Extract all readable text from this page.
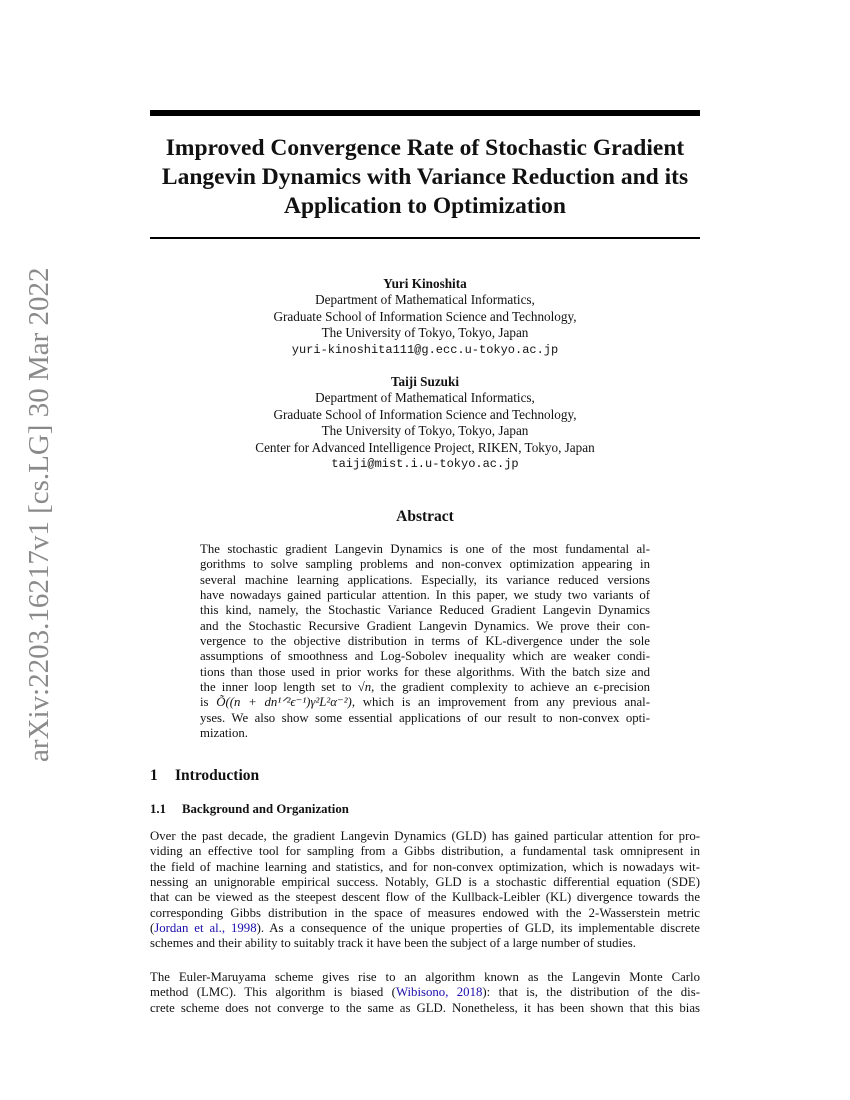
arXiv:2203.16217v1 [cs.LG] 30 Mar 2022
Improved Convergence Rate of Stochastic Gradient
Langevin Dynamics with Variance Reduction and its
Application to Optimization
Yuri Kinoshita
Department of Mathematical Informatics,
Graduate School of Information Science and Technology,
The University of Tokyo, Tokyo, Japan
yuri-kinoshita111@g.ecc.u-tokyo.ac.jp
Taiji Suzuki
Department of Mathematical Informatics,
Graduate School of Information Science and Technology,
The University of Tokyo, Tokyo, Japan
Center for Advanced Intelligence Project, RIKEN, Tokyo, Japan
taiji@mist.i.u-tokyo.ac.jp
Abstract
The stochastic gradient Langevin Dynamics is one of the most fundamental al-
gorithms to solve sampling problems and non-convex optimization appearing in
several machine learning applications. Especially, its variance reduced versions
have nowadays gained particular attention. In this paper, we study two variants of
this kind, namely, the Stochastic Variance Reduced Gradient Langevin Dynamics
and the Stochastic Recursive Gradient Langevin Dynamics. We prove their con-
vergence to the objective distribution in terms of KL-divergence under the sole
assumptions of smoothness and Log-Sobolev inequality which are weaker condi-
tions than those used in prior works for these algorithms. With the batch size and
the inner loop length set to √n, the gradient complexity to achieve an ϵ-precision
is Õ((n + dn¹ᐟ²ϵ⁻¹)γ²L²α⁻²), which is an improvement from any previous anal-
yses. We also show some essential applications of our result to non-convex opti-
mization.
1 Introduction
1.1 Background and Organization
Over the past decade, the gradient Langevin Dynamics (GLD) has gained particular attention for pro-
viding an effective tool for sampling from a Gibbs distribution, a fundamental task omnipresent in
the field of machine learning and statistics, and for non-convex optimization, which is nowadays wit-
nessing an unignorable empirical success. Notably, GLD is a stochastic differential equation (SDE)
that can be viewed as the steepest descent flow of the Kullback-Leibler (KL) divergence towards the
corresponding Gibbs distribution in the space of measures endowed with the 2-Wasserstein metric
(Jordan et al., 1998). As a consequence of the unique properties of GLD, its implementable discrete
schemes and their ability to suitably track it have been the subject of a large number of studies.
The Euler-Maruyama scheme gives rise to an algorithm known as the Langevin Monte Carlo
method (LMC). This algorithm is biased (Wibisono, 2018): that is, the distribution of the dis-
crete scheme does not converge to the same as GLD. Nonetheless, it has been shown that this bias
